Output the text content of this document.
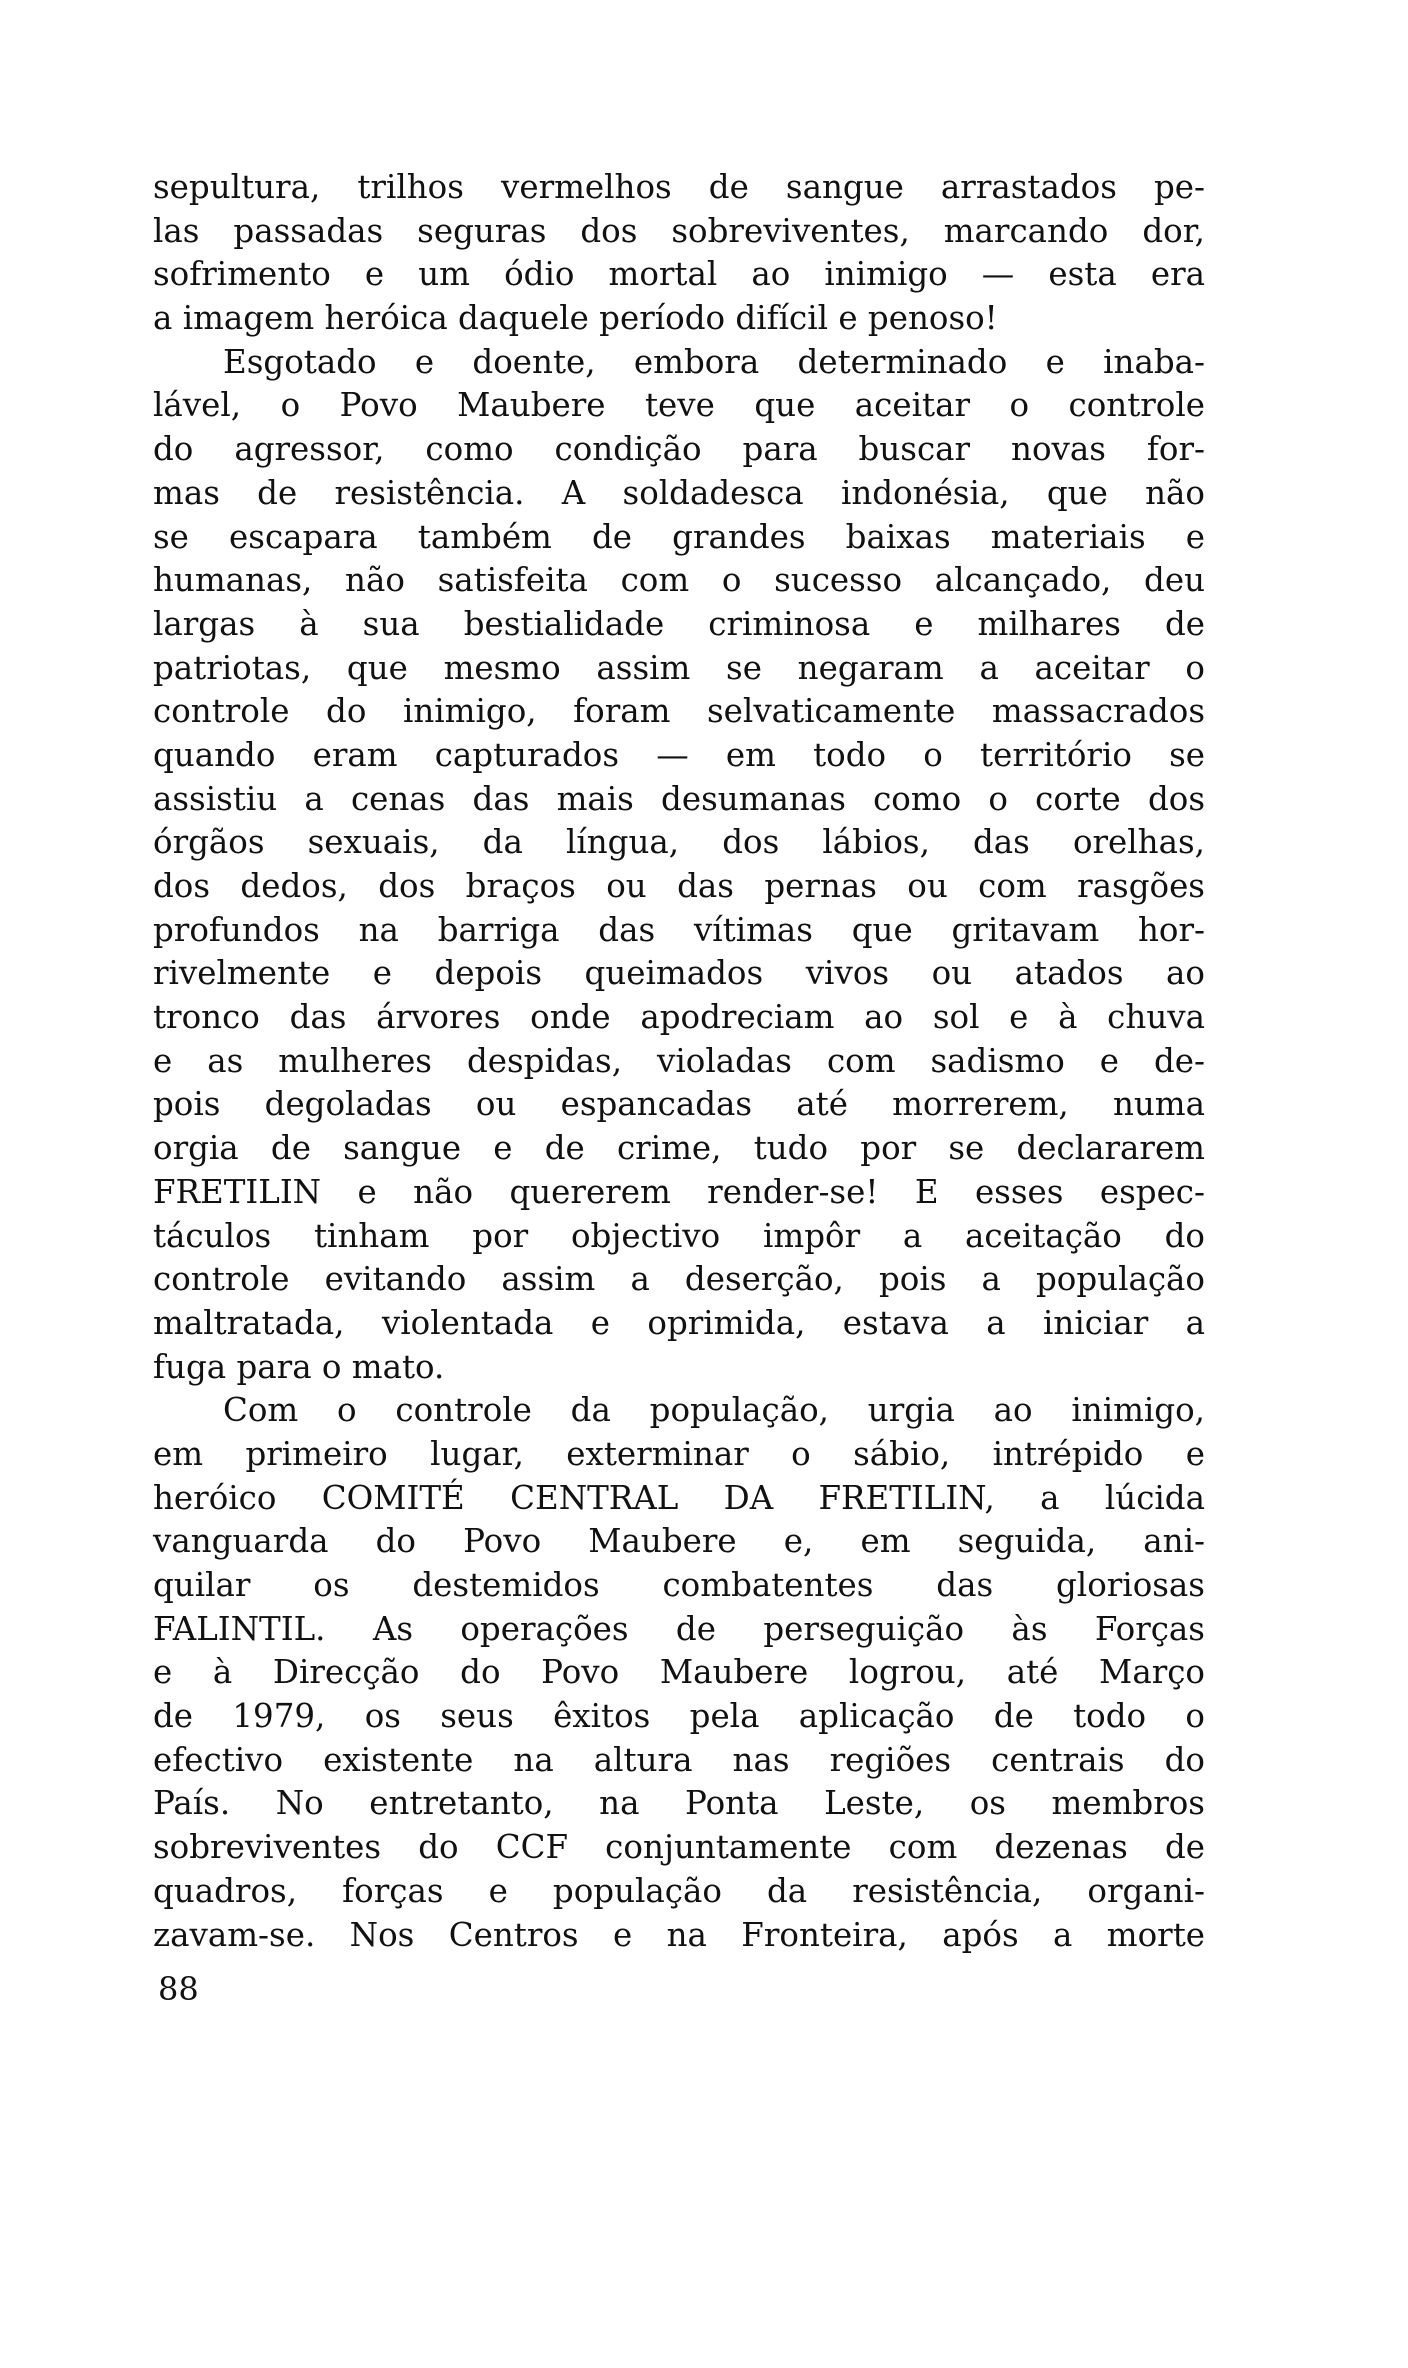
sepultura, trilhos vermelhos de sangue arrastados pe-
las passadas seguras dos sobreviventes, marcando dor,
sofrimento e um ódio mortal ao inimigo — esta era
a imagem heróica daquele período difícil e penoso!
Esgotado e doente, embora determinado e inaba-
lável, o Povo Maubere teve que aceitar o controle
do agressor, como condição para buscar novas for-
mas de resistência. A soldadesca indonésia, que não
se escapara também de grandes baixas materiais e
humanas, não satisfeita com o sucesso alcançado, deu
largas à sua bestialidade criminosa e milhares de
patriotas, que mesmo assim se negaram a aceitar o
controle do inimigo, foram selvaticamente massacrados
quando eram capturados — em todo o território se
assistiu a cenas das mais desumanas como o corte dos
órgãos sexuais, da língua, dos lábios, das orelhas,
dos dedos, dos braços ou das pernas ou com rasgões
profundos na barriga das vítimas que gritavam hor-
rivelmente e depois queimados vivos ou atados ao
tronco das árvores onde apodreciam ao sol e à chuva
e as mulheres despidas, violadas com sadismo e de-
pois degoladas ou espancadas até morrerem, numa
orgia de sangue e de crime, tudo por se declararem
FRETILIN e não quererem render-se! E esses espec-
táculos tinham por objectivo impôr a aceitação do
controle evitando assim a deserção, pois a população
maltratada, violentada e oprimida, estava a iniciar a
fuga para o mato.
Com o controle da população, urgia ao inimigo,
em primeiro lugar, exterminar o sábio, intrépido e
heróico COMITÉ CENTRAL DA FRETILIN, a lúcida
vanguarda do Povo Maubere e, em seguida, ani-
quilar os destemidos combatentes das gloriosas
FALINTIL. As operações de perseguição às Forças
e à Direcção do Povo Maubere logrou, até Março
de 1979, os seus êxitos pela aplicação de todo o
efectivo existente na altura nas regiões centrais do
País. No entretanto, na Ponta Leste, os membros
sobreviventes do CCF conjuntamente com dezenas de
quadros, forças e população da resistência, organi-
zavam-se. Nos Centros e na Fronteira, após a morte
88
